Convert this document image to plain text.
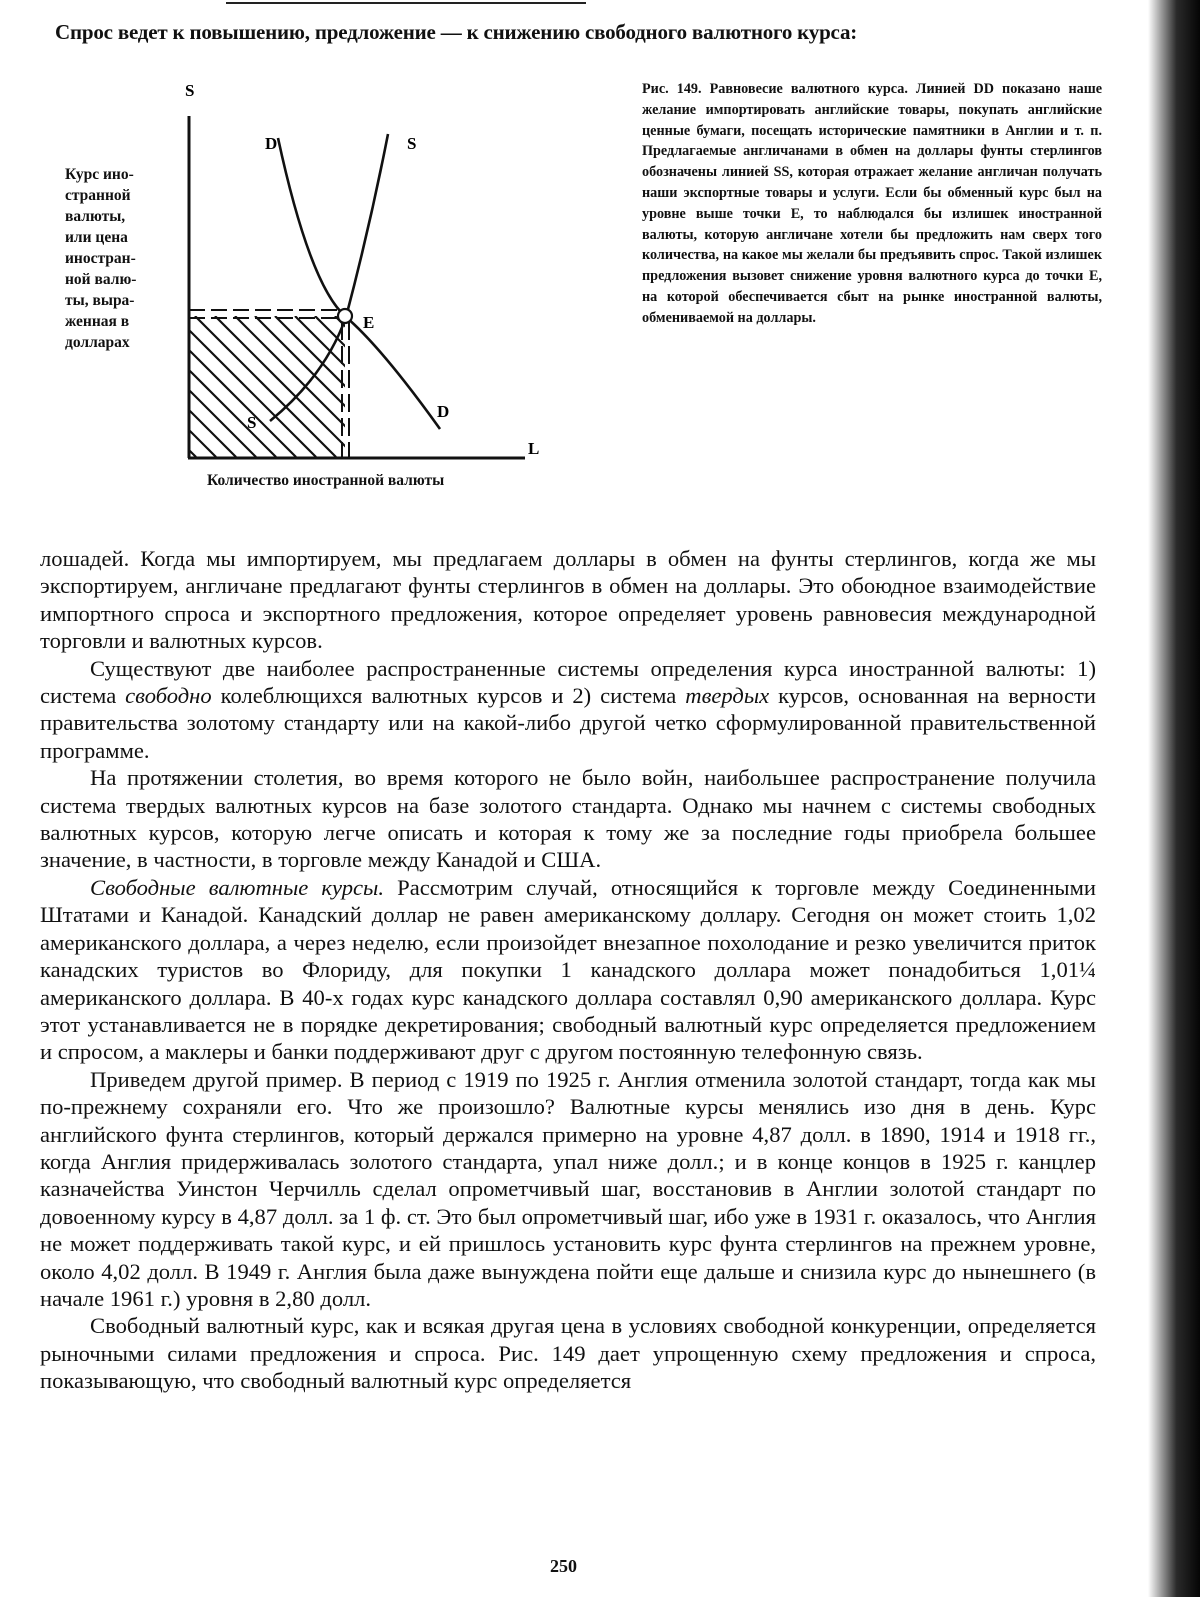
Спрос ведет к повышению, предложение — к снижению свободного валютного курса:
Курс ино-
странной
валюты,
или цена
иностран-
ной валю-
ты, выра-
женная в
долларах
S
D	S
E
D
S
L
Количество иностранной валюты
Рис. 149. Равновесие валютного курса. Линией DD показано наше желание импортировать английские товары, покупать английские ценные бумаги, посещать исторические памятники в Англии и т. п. Предлагаемые англичанами в обмен на доллары фунты стерлингов обозначены линией SS, которая отражает желание англичан получать наши экспортные товары и услуги. Если бы обменный курс был на уровне выше точки E, то наблюдался бы излишек иностранной валюты, которую англичане хотели бы предложить нам сверх того количества, на какое мы желали бы предъявить спрос. Такой излишек предложения вызовет снижение уровня валютного курса до точки E, на которой обеспечивается сбыт на рынке иностранной валюты, обмениваемой на доллары.

лошадей. Когда мы импортируем, мы предлагаем доллары в обмен на фунты стерлингов, когда же мы экспортируем, англичане предлагают фунты стерлингов в обмен на доллары. Это обоюдное взаимодействие импортного спроса и экспортного предложения, которое определяет уровень равновесия международной торговли и валютных курсов.

Существуют две наиболее распространенные системы определения курса иностранной валюты: 1) система свободно колеблющихся валютных курсов и 2) система твердых курсов, основанная на верности правительства золотому стандарту или на какой-либо другой четко сформулированной правительственной программе.

На протяжении столетия, во время которого не было войн, наибольшее распространение получила система твердых валютных курсов на базе золотого стандарта. Однако мы начнем с системы свободных валютных курсов, которую легче описать и которая к тому же за последние годы приобрела большее значение, в частности, в торговле между Канадой и США.

Свободные валютные курсы. Рассмотрим случай, относящийся к торговле между Соединенными Штатами и Канадой. Канадский доллар не равен американскому доллару. Сегодня он может стоить 1,02 американского доллара, а через неделю, если произойдет внезапное похолодание и резко увеличится приток канадских туристов во Флориду, для покупки 1 канадского доллара может понадобиться 1,01¼ американского доллара. В 40-х годах курс канадского доллара составлял 0,90 американского доллара. Курс этот устанавливается не в порядке декретирования; свободный валютный курс определяется предложением и спросом, а маклеры и банки поддерживают друг с другом постоянную телефонную связь.

Приведем другой пример. В период с 1919 по 1925 г. Англия отменила золотой стандарт, тогда как мы по-прежнему сохраняли его. Что же произошло? Валютные курсы менялись изо дня в день. Курс английского фунта стерлингов, который держался примерно на уровне 4,87 долл. в 1890, 1914 и 1918 гг., когда Англия придерживалась золотого стандарта, упал ниже долл.; и в конце концов в 1925 г. канцлер казначейства Уинстон Черчилль сделал опрометчивый шаг, восстановив в Англии золотой стандарт по довоенному курсу в 4,87 долл. за 1 ф. ст. Это был опрометчивый шаг, ибо уже в 1931 г. оказалось, что Англия не может поддерживать такой курс, и ей пришлось установить курс фунта стерлингов на прежнем уровне, около 4,02 долл. В 1949 г. Англия была даже вынуждена пойти еще дальше и снизила курс до нынешнего (в начале 1961 г.) уровня в 2,80 долл.

Свободный валютный курс, как и всякая другая цена в условиях свободной конкуренции, определяется рыночными силами предложения и спроса. Рис. 149 дает упрощенную схему предложения и спроса, показывающую, что свободный валютный курс определяется

250
